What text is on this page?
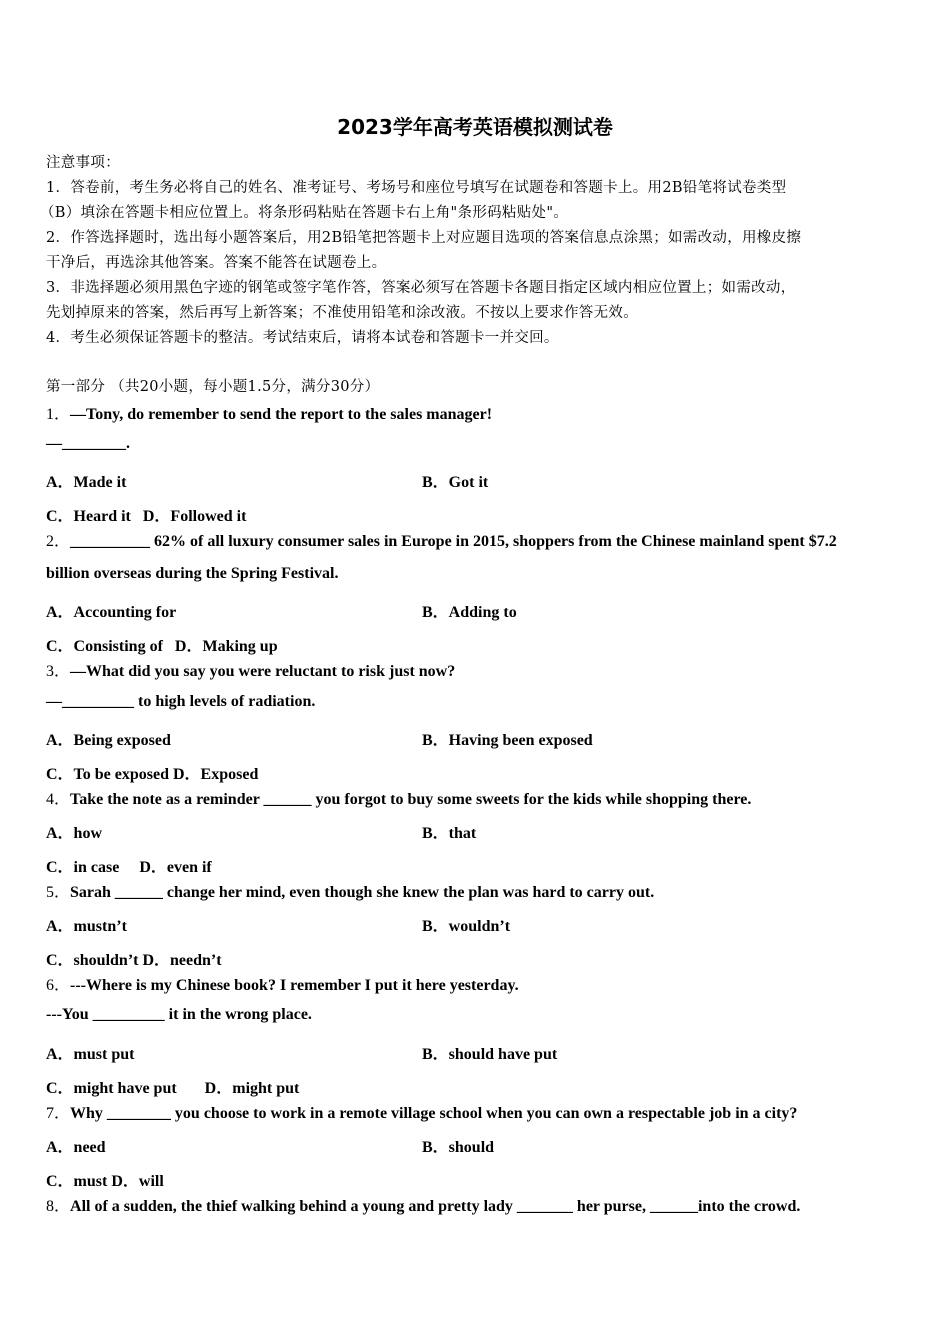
2023学年高考英语模拟测试卷
注意事项：
1．答卷前，考生务必将自己的姓名、准考证号、考场号和座位号填写在试题卷和答题卡上。用2B铅笔将试卷类型
（B）填涂在答题卡相应位置上。将条形码粘贴在答题卡右上角"条形码粘贴处"。
2．作答选择题时，选出每小题答案后，用2B铅笔把答题卡上对应题目选项的答案信息点涂黑；如需改动，用橡皮擦
干净后，再选涂其他答案。答案不能答在试题卷上。
3．非选择题必须用黑色字迹的钢笔或签字笔作答，答案必须写在答题卡各题目指定区域内相应位置上；如需改动，
先划掉原来的答案，然后再写上新答案；不准使用铅笔和涂改液。不按以上要求作答无效。
4．考生必须保证答题卡的整洁。考试结束后，请将本试卷和答题卡一并交回。
第一部分 （共20小题，每小题1.5分，满分30分）
1．—Tony, do remember to send the report to the sales manager!
—________.
A．Made it	B．Got it
C．Heard it   D．Followed it
2．__________ 62% of all luxury consumer sales in Europe in 2015, shoppers from the Chinese mainland spent $7.2
billion overseas during the Spring Festival.
A．Accounting for	B．Adding to
C．Consisting of   D．Making up
3．—What did you say you were reluctant to risk just now?
—_________ to high levels of radiation.
A．Being exposed	B．Having been exposed
C．To be exposed D．Exposed
4．Take the note as a reminder ______ you forgot to buy some sweets for the kids while shopping there.
A．how	B．that
C．in case     D．even if
5．Sarah ______ change her mind, even though she knew the plan was hard to carry out.
A．mustn’t	B．wouldn’t
C．shouldn’t D．needn’t
6．---Where is my Chinese book? I remember I put it here yesterday.
---You _________ it in the wrong place.
A．must put	B．should have put
C．might have put       D．might put
7．Why ________ you choose to work in a remote village school when you can own a respectable job in a city?
A．need	B．should
C．must D．will
8．All of a sudden, the thief walking behind a young and pretty lady _______ her purse, ______into the crowd.
